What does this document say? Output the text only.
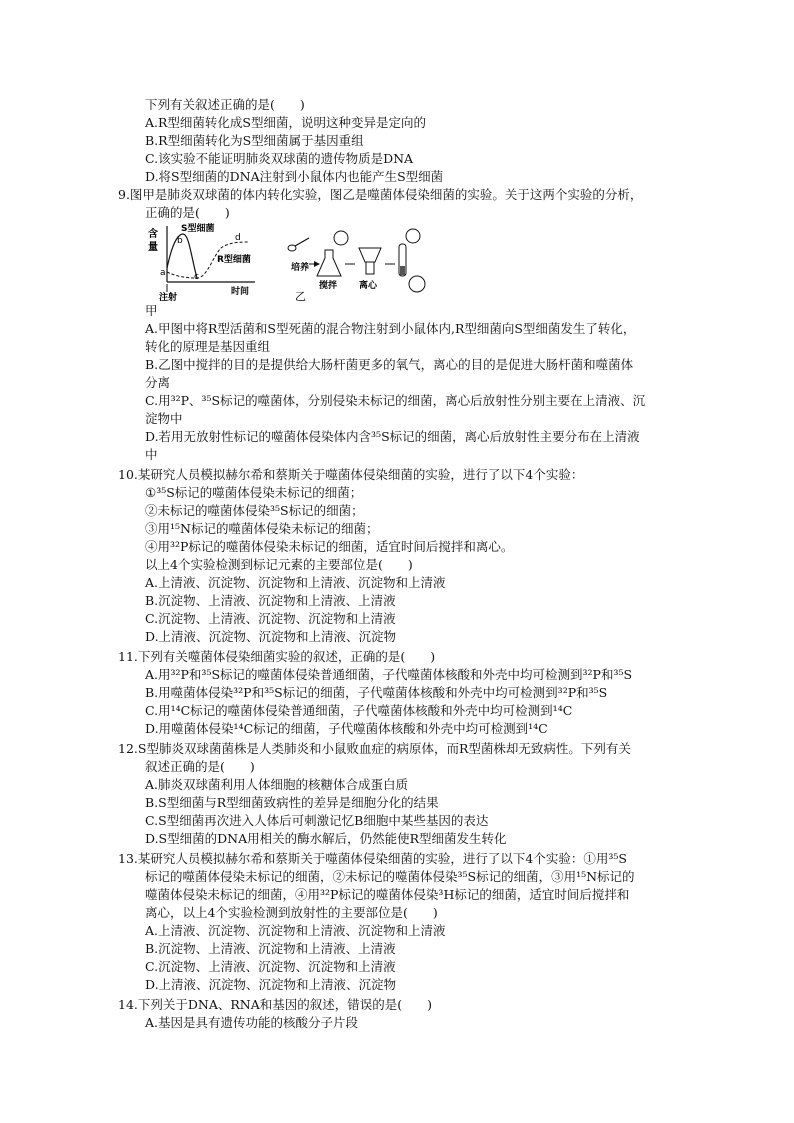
下列有关叙述正确的是(　　)
A.R型细菌转化成S型细菌，说明这种变异是定向的
B.R型细菌转化为S型细菌属于基因重组
C.该实验不能证明肺炎双球菌的遗传物质是DNA
D.将S型细菌的DNA注射到小鼠体内也能产生S型细菌
9.图甲是肺炎双球菌的体内转化实验，图乙是噬菌体侵染细菌的实验。关于这两个实验的分析，
正确的是(　　)
含
量
S型细菌
R型细菌
a
b
c
d
注射
时间
培养
搅拌 离心
乙
甲
A.甲图中将R型活菌和S型死菌的混合物注射到小鼠体内,R型细菌向S型细菌发生了转化，
转化的原理是基因重组
B.乙图中搅拌的目的是提供给大肠杆菌更多的氧气，离心的目的是促进大肠杆菌和噬菌体
分离
C.用³²P、³⁵S标记的噬菌体，分别侵染未标记的细菌，离心后放射性分别主要在上清液、沉
淀物中
D.若用无放射性标记的噬菌体侵染体内含³⁵S标记的细菌，离心后放射性主要分布在上清液
中
10.某研究人员模拟赫尔希和蔡斯关于噬菌体侵染细菌的实验，进行了以下4个实验：
①³⁵S标记的噬菌体侵染未标记的细菌；
②未标记的噬菌体侵染³⁵S标记的细菌；
③用¹⁵N标记的噬菌体侵染未标记的细菌；
④用³²P标记的噬菌体侵染未标记的细菌，适宜时间后搅拌和离心。
以上4个实验检测到标记元素的主要部位是(　　)
A.上清液、沉淀物、沉淀物和上清液、沉淀物和上清液
B.沉淀物、上清液、沉淀物和上清液、上清液
C.沉淀物、上清液、沉淀物、沉淀物和上清液
D.上清液、沉淀物、沉淀物和上清液、沉淀物
11.下列有关噬菌体侵染细菌实验的叙述，正确的是(　　)
A.用³²P和³⁵S标记的噬菌体侵染普通细菌，子代噬菌体核酸和外壳中均可检测到³²P和³⁵S
B.用噬菌体侵染³²P和³⁵S标记的细菌，子代噬菌体核酸和外壳中均可检测到³²P和³⁵S
C.用¹⁴C标记的噬菌体侵染普通细菌，子代噬菌体核酸和外壳中均可检测到¹⁴C
D.用噬菌体侵染¹⁴C标记的细菌，子代噬菌体核酸和外壳中均可检测到¹⁴C
12.S型肺炎双球菌菌株是人类肺炎和小鼠败血症的病原体，而R型菌株却无致病性。下列有关
叙述正确的是(　　)
A.肺炎双球菌利用人体细胞的核糖体合成蛋白质
B.S型细菌与R型细菌致病性的差异是细胞分化的结果
C.S型细菌再次进入人体后可刺激记忆B细胞中某些基因的表达
D.S型细菌的DNA用相关的酶水解后，仍然能使R型细菌发生转化
13.某研究人员模拟赫尔希和蔡斯关于噬菌体侵染细菌的实验，进行了以下4个实验：①用³⁵S
标记的噬菌体侵染未标记的细菌，②未标记的噬菌体侵染³⁵S标记的细菌，③用¹⁵N标记的
噬菌体侵染未标记的细菌，④用³²P标记的噬菌体侵染³H标记的细菌，适宜时间后搅拌和
离心，以上4个实验检测到放射性的主要部位是(　　)
A.上清液、沉淀物、沉淀物和上清液、沉淀物和上清液
B.沉淀物、上清液、沉淀物和上清液、上清液
C.沉淀物、上清液、沉淀物、沉淀物和上清液
D.上清液、沉淀物、沉淀物和上清液、沉淀物
14.下列关于DNA、RNA和基因的叙述，错误的是(　　)
A.基因是具有遗传功能的核酸分子片段
